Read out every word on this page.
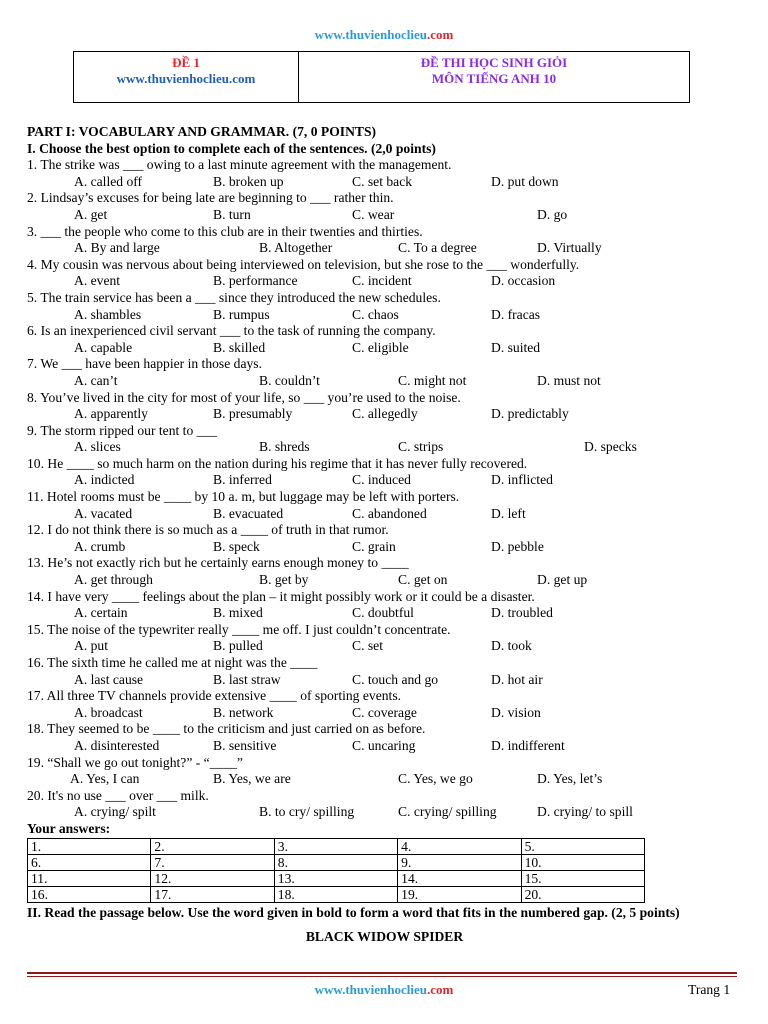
www.thuvienhoclieu.com
ĐỀ 1
www.thuvienhoclieu.com
ĐỀ THI HỌC SINH GIỎI
MÔN TIẾNG ANH 10
PART I: VOCABULARY AND GRAMMAR. (7, 0 POINTS)
I. Choose the best option to complete each of the sentences. (2,0 points)
1. The strike was ___ owing to a last minute agreement with the management.
A. called off	B. broken up	C. set back	D. put down
2. Lindsay’s excuses for being late are beginning to ___ rather thin.
A. get	B. turn	C. wear	D. go
3. ___ the people who come to this club are in their twenties and thirties.
A. By and large	B. Altogether	C. To a degree	D. Virtually
4. My cousin was nervous about being interviewed on television, but she rose to the ___ wonderfully.
A. event	B. performance	C. incident	D. occasion
5. The train service has been a ___ since they introduced the new schedules.
A. shambles	B. rumpus	C. chaos	D. fracas
6. Is an inexperienced civil servant ___ to the task of running the company.
A. capable	B. skilled	C. eligible	D. suited
7. We ___ have been happier in those days.
A. can’t	B. couldn’t	C. might not	D. must not
8. You’ve lived in the city for most of your life, so ___ you’re used to the noise.
A. apparently	B. presumably	C. allegedly	D. predictably
9. The storm ripped our tent to ___
A. slices	B. shreds	C. strips	D. specks
10. He ____ so much harm on the nation during his regime that it has never fully recovered.
A. indicted	B. inferred	C. induced	D. inflicted
11. Hotel rooms must be ____ by 10 a. m, but luggage may be left with porters.
A. vacated	B. evacuated	C. abandoned	D. left
12. I do not think there is so much as a ____ of truth in that rumor.
A. crumb	B. speck	C. grain	D. pebble
13. He’s not exactly rich but he certainly earns enough money to ____
A. get through	B. get by	C. get on	D. get up
14. I have very ____ feelings about the plan – it might possibly work or it could be a disaster.
A. certain	B. mixed	C. doubtful	D. troubled
15. The noise of the typewriter really ____ me off. I just couldn’t concentrate.
A. put	B. pulled	C. set	D. took
16. The sixth time he called me at night was the ____
A. last cause	B. last straw	C. touch and go	D. hot air
17. All three TV channels provide extensive ____ of sporting events.
A. broadcast	B. network	C. coverage	D. vision
18. They seemed to be ____ to the criticism and just carried on as before.
A. disinterested	B. sensitive	C. uncaring	D. indifferent
19. “Shall we go out tonight?” - “____”
A. Yes, I can	B. Yes, we are	C. Yes, we go	D. Yes, let’s
20. It's no use ___ over ___ milk.
A. crying/ spilt	B. to cry/ spilling	C. crying/ spilling	D. crying/ to spill
Your answers:
1.	2.	3.	4.	5.
6.	7.	8.	9.	10.
11.	12.	13.	14.	15.
16.	17.	18.	19.	20.
II. Read the passage below. Use the word given in bold to form a word that fits in the numbered gap. (2, 5 points)
BLACK WIDOW SPIDER
www.thuvienhoclieu.com	Trang 1
